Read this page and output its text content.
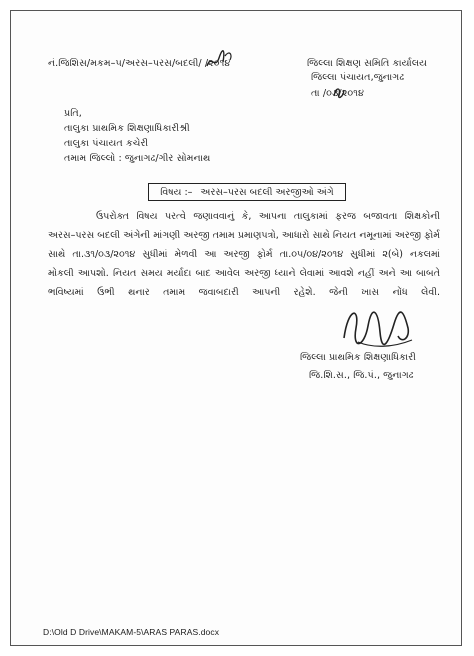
નં.જિશિસ/મકમ–૫/અરસ–પરસ/બદલી/ /૨૦૧૪	જિલ્લા શિક્ષણ સમિતિ કાર્યાલય
જિલ્લા પંચાયત,જુનાગઢ
તા /૦૩/૨૦૧૪
પ્રતિ,
તાલુકા પ્રાથમિક શિક્ષણાધિકારીશ્રી
તાલુકા પંચાયત કચેરી
તમામ જિલ્લો : જુનાગઢ/ગીર સોમનાથ
વિષય :– અરસ–પરસ બદલી અરજીઓ અંગે
ઉપરોક્ત વિષય પરત્વે જણાવવાનું કે, આપના તાલુકામાં ફરજ બજાવતા શિક્ષકોની
અરસ–પરસ બદલી અંગેની માંગણી અરજી તમામ પ્રમાણપત્રો, આધારો સાથે નિયત નમૂનામાં અરજી ફોર્મ
સાથે તા.૩૧/૦૩/૨૦૧૪ સુધીમાં મેળવી આ અરજી ફોર્મ તા.૦૫/૦૪/૨૦૧૪ સુધીમાં ૨(બે) નકલમાં
મોકલી આપશો. નિયત સમય મર્યાદા બાદ આવેલ અરજી ધ્યાને લેવામાં આવશે નહીં અને આ બાબતે
ભવિષ્યમાં ઉભી થનાર તમામ જવાબદારી આપની રહેશે. જેની ખાસ નોંધ લેવી.
જિલ્લા પ્રાથમિક શિક્ષણાધિકારી
જિ.શિ.સ., જિ.પં., જુનાગઢ
D:\Old D Drive\MAKAM-5\ARAS PARAS.docx
